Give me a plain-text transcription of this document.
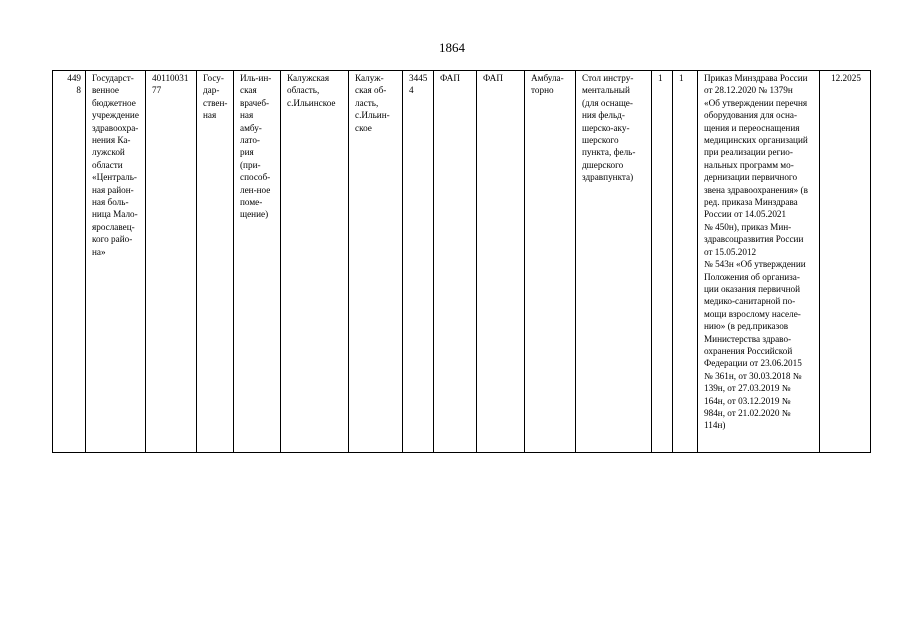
1864
449
8	Государст-
венное
бюджетное
учреждение
здравоохра-
нения Ка-
лужской
области
«Централь-
ная район-
ная боль-
ница Мало-
ярославец-
кого райо-
на»	40110031
77	Госу-
дар-
ствен-
ная	Иль-ин-
ская
врачеб-
ная
амбу-
лато-
рия
(при-
способ-
лен-ное
поме-
щение)	Калужская
область,
с.Ильинское	Калуж-
ская об-
ласть,
с.Ильин-
ское	3445
4	ФАП	ФАП	Амбула-
торно	Стол инстру-
ментальный
(для оснаще-
ния фельд-
шерско-аку-
шерского
пункта, фель-
дшерского
здравпункта)	1	1	Приказ Минздрава России
от 28.12.2020 № 1379н
«Об утверждении перечня
оборудования для осна-
щения и переоснащения
медицинских организаций
при реализации регио-
нальных программ мо-
дернизации первичного
звена здравоохранения» (в
ред. приказа Минздрава
России от 14.05.2021
№ 450н), приказ Мин-
здравсоцразвития России
от 15.05.2012
№ 543н «Об утверждении
Положения об организа-
ции оказания первичной
медико-санитарной по-
мощи взрослому населе-
нию» (в ред.приказов
Министерства здраво-
охранения Российской
Федерации от 23.06.2015
№ 361н, от 30.03.2018 №
139н, от 27.03.2019 №
164н, от 03.12.2019 №
984н, от 21.02.2020 №
114н)	12.2025
